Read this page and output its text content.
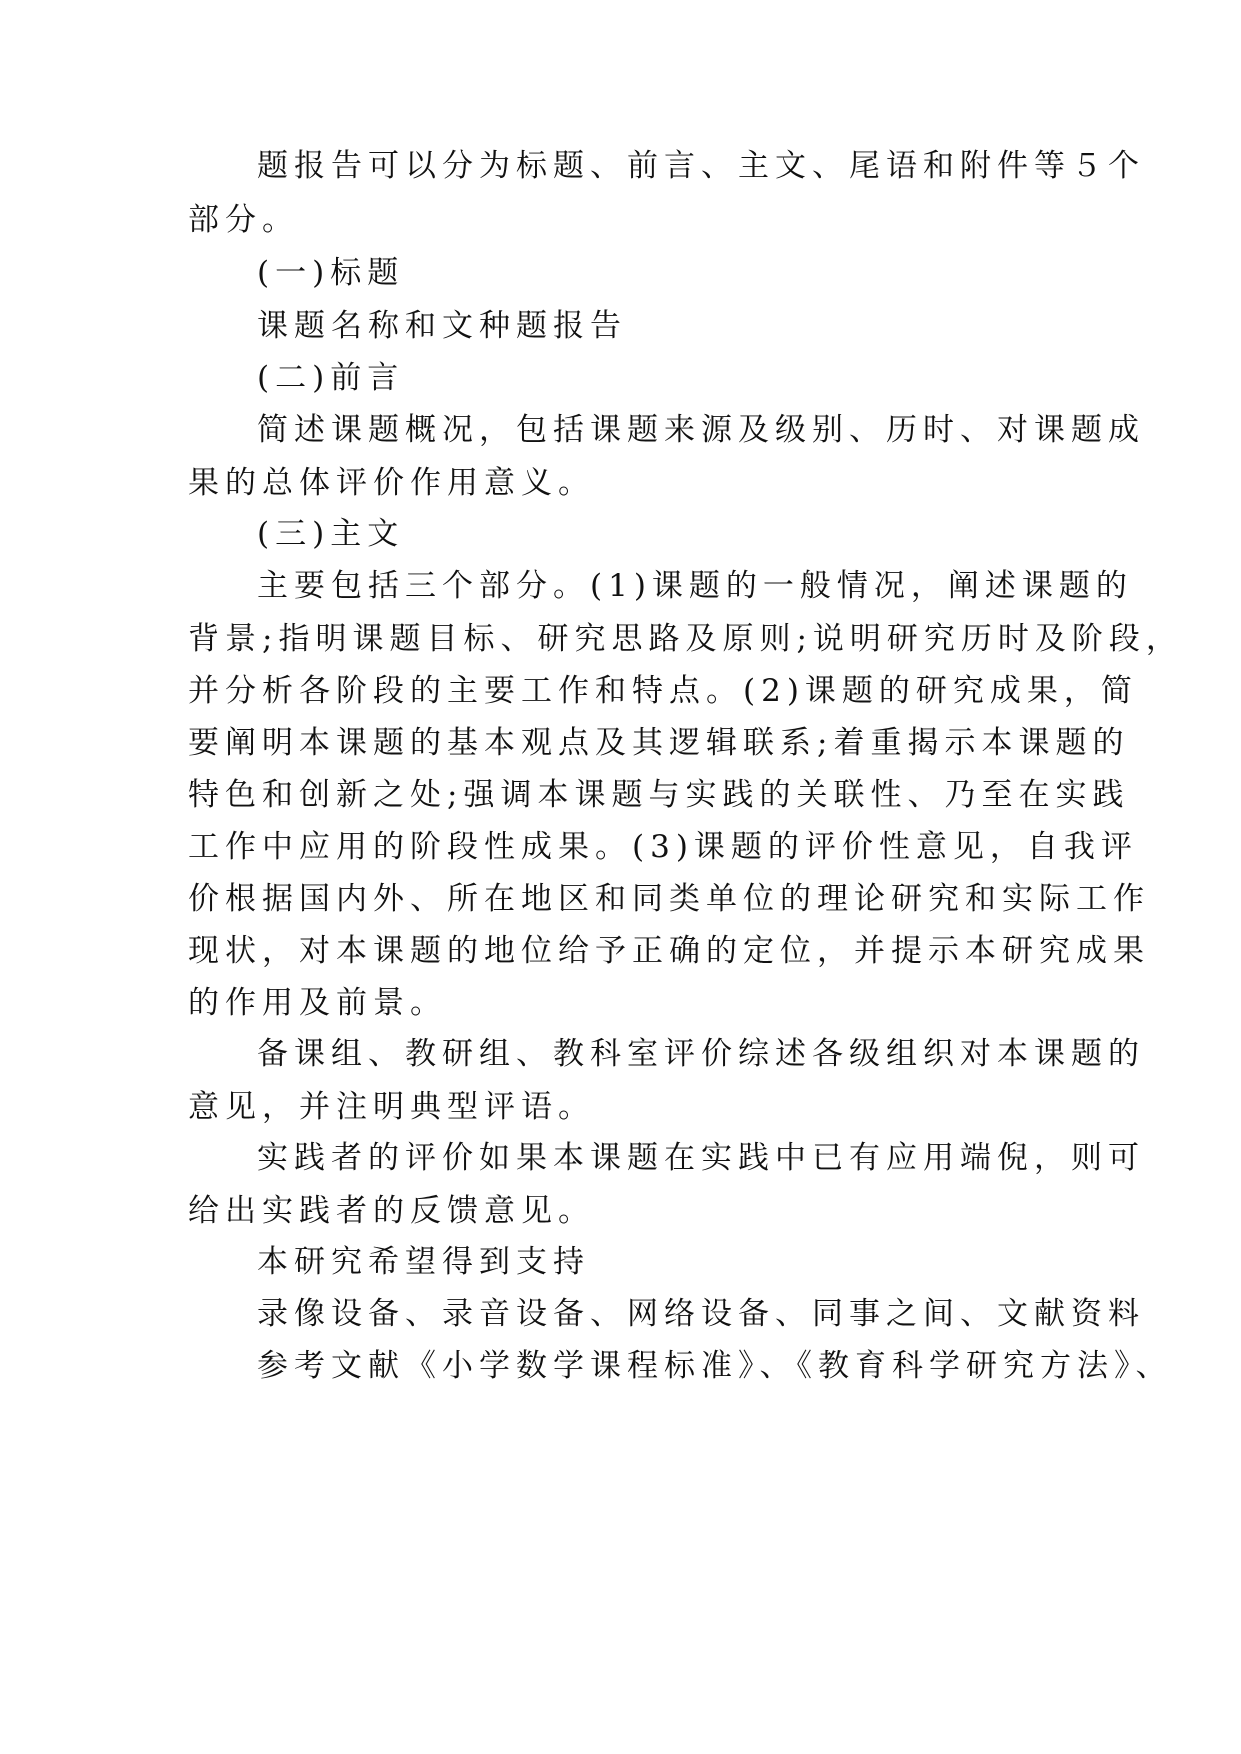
题报告可以分为标题、前言、主文、尾语和附件等５个

部分。

(一)标题

课题名称和文种题报告

(二)前言

简述课题概况，包括课题来源及级别、历时、对课题成

果的总体评价作用意义。

(三)主文

主要包括三个部分。(1)课题的一般情况，阐述课题的

背景;指明课题目标、研究思路及原则;说明研究历时及阶段，

并分析各阶段的主要工作和特点。(2)课题的研究成果，简

要阐明本课题的基本观点及其逻辑联系;着重揭示本课题的

特色和创新之处;强调本课题与实践的关联性、乃至在实践

工作中应用的阶段性成果。(3)课题的评价性意见，自我评

价根据国内外、所在地区和同类单位的理论研究和实际工作

现状，对本课题的地位给予正确的定位，并提示本研究成果

的作用及前景。

备课组、教研组、教科室评价综述各级组织对本课题的

意见，并注明典型评语。

实践者的评价如果本课题在实践中已有应用端倪，则可

给出实践者的反馈意见。

本研究希望得到支持

录像设备、录音设备、网络设备、同事之间、文献资料

参考文献《小学数学课程标准》、《教育科学研究方法》、
